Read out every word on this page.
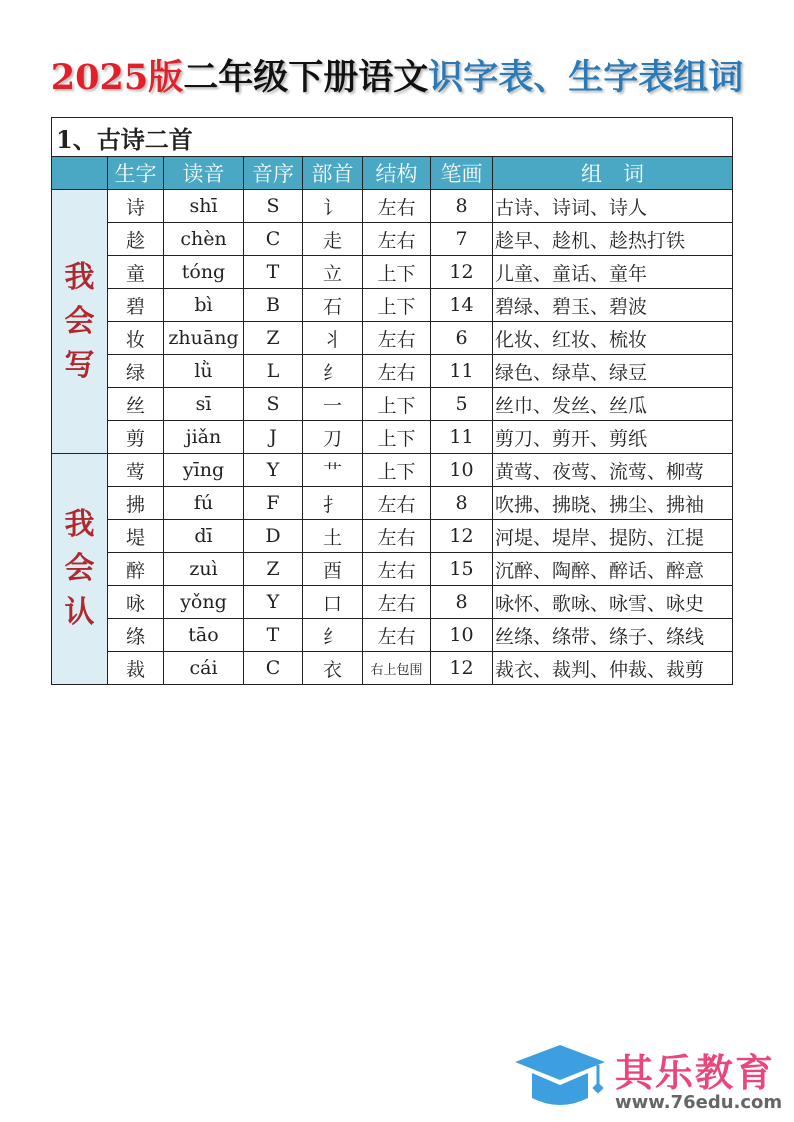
2025版二年级下册语文识字表、生字表组词
1、古诗二首							
	生字	读音	音序	部首	结构	笔画	组　词
我会写	诗	shī	S	讠	左右	8	古诗、诗词、诗人
	趁	chèn	C	走	左右	7	趁早、趁机、趁热打铁
	童	tóng	T	立	上下	12	儿童、童话、童年
	碧	bì	B	石	上下	14	碧绿、碧玉、碧波
	妆	zhuāng	Z	丬	左右	6	化妆、红妆、梳妆
	绿	lǜ	L	纟	左右	11	绿色、绿草、绿豆
	丝	sī	S	一	上下	5	丝巾、发丝、丝瓜
	剪	jiǎn	J	刀	上下	11	剪刀、剪开、剪纸
我会认	莺	yīng	Y	艹	上下	10	黄莺、夜莺、流莺、柳莺
	拂	fú	F	扌	左右	8	吹拂、拂晓、拂尘、拂袖
	堤	dī	D	土	左右	12	河堤、堤岸、提防、江提
	醉	zuì	Z	酉	左右	15	沉醉、陶醉、醉话、醉意
	咏	yǒng	Y	口	左右	8	咏怀、歌咏、咏雪、咏史
	绦	tāo	T	纟	左右	10	丝绦、绦带、绦子、绦线
	裁	cái	C	衣	右上包围	12	裁衣、裁判、仲裁、裁剪
其乐教育
www.76edu.com
